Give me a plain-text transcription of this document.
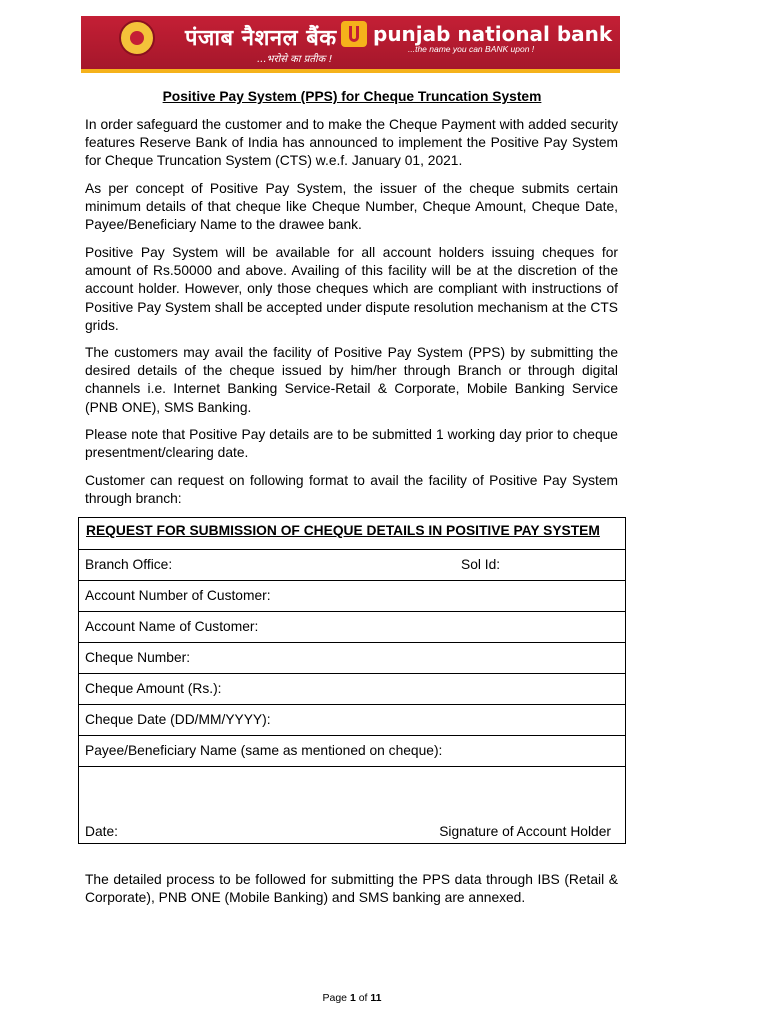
पंजाब नैशनल बैंक
...भरोसे का प्रतीक !
punjab national bank
...the name you can BANK upon !
Positive Pay System (PPS) for Cheque Truncation System

In order safeguard the customer and to make the Cheque Payment with added security features Reserve Bank of India has announced to implement the Positive Pay System for Cheque Truncation System (CTS) w.e.f. January 01, 2021.

As per concept of Positive Pay System, the issuer of the cheque submits certain minimum details of that cheque like Cheque Number, Cheque Amount, Cheque Date, Payee/Beneficiary Name to the drawee bank.

Positive Pay System will be available for all account holders issuing cheques for amount of Rs.50000 and above. Availing of this facility will be at the discretion of the account holder. However, only those cheques which are compliant with instructions of Positive Pay System shall be accepted under dispute resolution mechanism at the CTS grids.

The customers may avail the facility of Positive Pay System (PPS) by submitting the desired details of the cheque issued by him/her through Branch or through digital channels i.e. Internet Banking Service-Retail & Corporate, Mobile Banking Service (PNB ONE), SMS Banking.

Please note that Positive Pay details are to be submitted 1 working day prior to cheque presentment/clearing date.

Customer can request on following format to avail the facility of Positive Pay System through branch:

REQUEST FOR SUBMISSION OF CHEQUE DETAILS IN POSITIVE PAY SYSTEM
Branch Office:	Sol Id:
Account Number of Customer:
Account Name of Customer:
Cheque Number:
Cheque Amount (Rs.):
Cheque Date (DD/MM/YYYY):
Payee/Beneficiary Name (same as mentioned on cheque):
Date:	Signature of Account Holder

The detailed process to be followed for submitting the PPS data through IBS (Retail & Corporate), PNB ONE (Mobile Banking) and SMS banking are annexed.

Page 1 of 11
